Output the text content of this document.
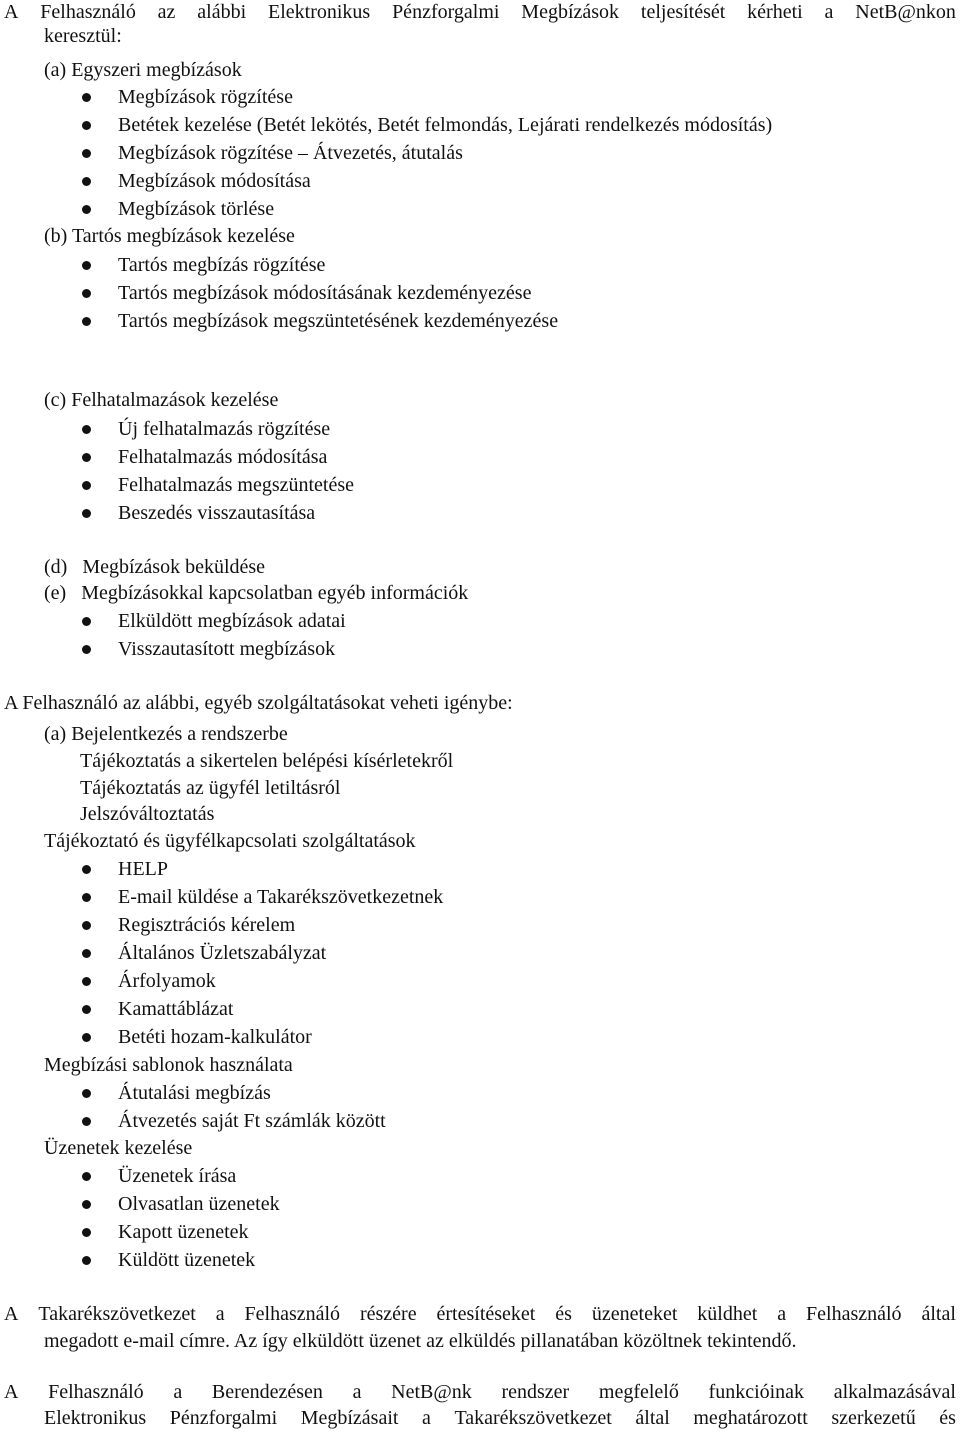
A Felhasználó az alábbi Elektronikus Pénzforgalmi Megbízások teljesítését kérheti a NetB@nkon
keresztül:
(a) Egyszeri megbízások
Megbízások rögzítése
Betétek kezelése (Betét lekötés, Betét felmondás, Lejárati rendelkezés módosítás)
Megbízások rögzítése – Átvezetés, átutalás
Megbízások módosítása
Megbízások törlése
(b) Tartós megbízások kezelése
Tartós megbízás rögzítése
Tartós megbízások módosításának kezdeményezése
Tartós megbízások megszüntetésének kezdeményezése
(c) Felhatalmazások kezelése
Új felhatalmazás rögzítése
Felhatalmazás módosítása
Felhatalmazás megszüntetése
Beszedés visszautasítása
(d)   Megbízások beküldése
(e)   Megbízásokkal kapcsolatban egyéb információk
Elküldött megbízások adatai
Visszautasított megbízások
A Felhasználó az alábbi, egyéb szolgáltatásokat veheti igénybe:
(a) Bejelentkezés a rendszerbe
Tájékoztatás a sikertelen belépési kísérletekről
Tájékoztatás az ügyfél letiltásról
Jelszóváltoztatás
Tájékoztató és ügyfélkapcsolati szolgáltatások
HELP
E-mail küldése a Takarékszövetkezetnek
Regisztrációs kérelem
Általános Üzletszabályzat
Árfolyamok
Kamattáblázat
Betéti hozam-kalkulátor
Megbízási sablonok használata
Átutalási megbízás
Átvezetés saját Ft számlák között
Üzenetek kezelése
Üzenetek írása
Olvasatlan üzenetek
Kapott üzenetek
Küldött üzenetek
A Takarékszövetkezet a Felhasználó részére értesítéseket és üzeneteket küldhet a Felhasználó által
megadott e-mail címre. Az így elküldött üzenet az elküldés pillanatában közöltnek tekintendő.
A Felhasználó a Berendezésen a NetB@nk rendszer megfelelő funkcióinak alkalmazásával
Elektronikus Pénzforgalmi Megbízásait a Takarékszövetkezet által meghatározott szerkezetű és
